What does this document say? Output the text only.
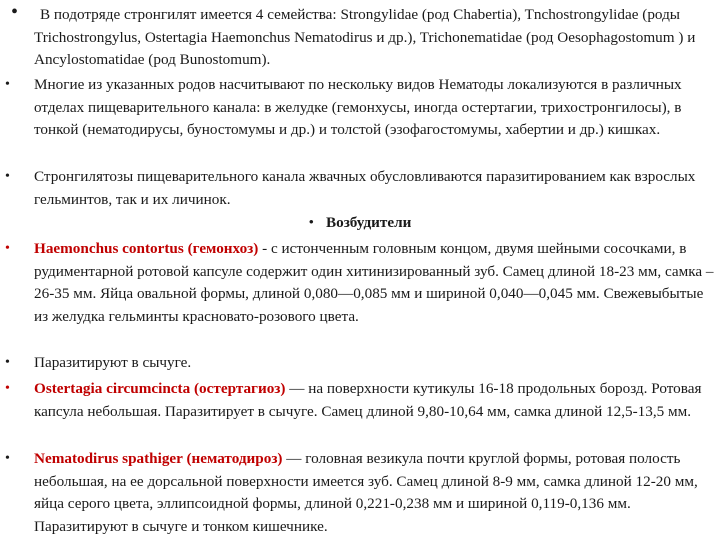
• В подотряде стронгилят имеется 4 семейства: Strongylidae (род Chabertia), Tnchostrongylidae (роды Trichostrongylus, Ostertagia Haemonchus Nematodirus и др.), Trichonematidae (род Oesophagostomum ) и Ancylostomatidae (род Bunostomum).
• Многие из указанных родов насчитывают по нескольку видов Нематоды локализуются в различных отделах пищеварительного канала: в желудке (гемонхусы, иногда остертагии, трихостронгилоcы), в тонкой (нематодирусы, буностомумы и др.) и толстой (эзофагостомумы, хабертии и др.) кишках.
• Стронгилятозы пищеварительного канала жвачных обусловливаются паразитированием как взрослых гельминтов, так и их личинок.
• Возбудители
• Haemonchus contortus (гемонхоз) - с истонченным головным концом, двумя шейными сосочками, в рудиментарной ротовой капсуле содержит один хитинизированный зуб. Самец длиной 18-23 мм, самка – 26-35 мм. Яйца овальной формы, длиной 0,080—0,085 мм и шириной 0,040—0,045 мм. Свежевыбытые из желудка гельминты красновато-розового цвета.
• Паразитируют в сычуге.
• Ostertagia circumcincta (остертагиоз) — на поверхности кутикулы 16-18 продольных борозд. Ротовая капсула небольшая. Паразитирует в сычуге. Самец длиной 9,80-10,64 мм, самка длиной 12,5-13,5 мм.
• Nematodirus spathiger (нематодироз) — головная везикула почти круглой формы, ротовая полость небольшая, на ее дорсальной поверхности имеется зуб. Самец длиной 8-9 мм, самка длиной 12-20 мм, яйца серого цвета, эллипсоидной формы, длиной 0,221-0,238 мм и шириной 0,119-0,136 мм. Паразитируют в сычуге и тонком кишечнике.
